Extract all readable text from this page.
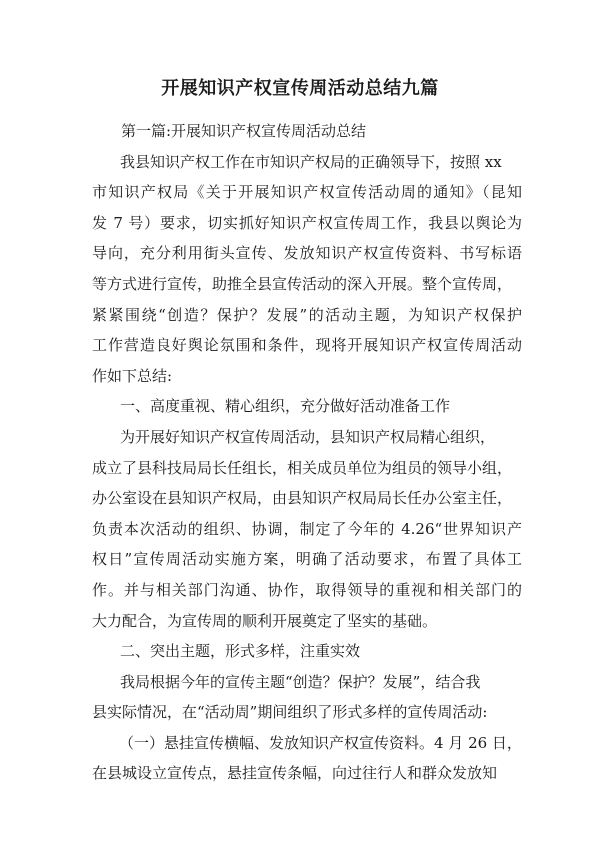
开展知识产权宣传周活动总结九篇
第一篇:开展知识产权宣传周活动总结
我县知识产权工作在市知识产权局的正确领导下，按照 xx
市知识产权局《关于开展知识产权宣传活动周的通知》（昆知
发 7 号）要求，切实抓好知识产权宣传周工作，我县以舆论为
导向，充分利用街头宣传、发放知识产权宣传资料、书写标语
等方式进行宣传，助推全县宣传活动的深入开展。整个宣传周，
紧紧围绕“创造？保护？发展”的活动主题，为知识产权保护
工作营造良好舆论氛围和条件，现将开展知识产权宣传周活动
作如下总结:
一、高度重视、精心组织，充分做好活动准备工作
为开展好知识产权宣传周活动，县知识产权局精心组织，
成立了县科技局局长任组长，相关成员单位为组员的领导小组，
办公室设在县知识产权局，由县知识产权局局长任办公室主任，
负责本次活动的组织、协调，制定了今年的 4.26“世界知识产
权日”宣传周活动实施方案，明确了活动要求，布置了具体工
作。并与相关部门沟通、协作，取得领导的重视和相关部门的
大力配合，为宣传周的顺利开展奠定了坚实的基础。
二、突出主题，形式多样，注重实效
我局根据今年的宣传主题“创造？保护？发展”，结合我
县实际情况，在“活动周”期间组织了形式多样的宣传周活动:
（一）悬挂宣传横幅、发放知识产权宣传资料。4 月 26 日，
在县城设立宣传点，悬挂宣传条幅，向过往行人和群众发放知
